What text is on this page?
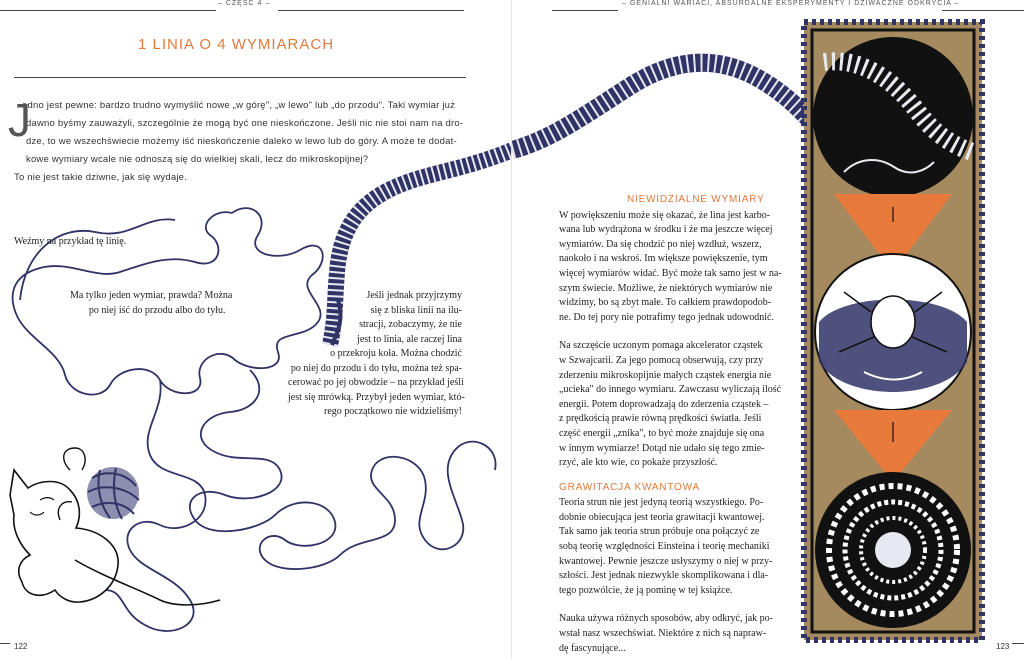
– CZĘŚĆ 4 –
1 LINIA O 4 WYMIARACH
J
edno jest pewne: bardzo trudno wymyślić nowe „w górę", „w lewo" lub „do przodu". Taki wymiar już
dawno byśmy zauważyli, szczególnie że mogą być one nieskończone. Jeśli nic nie stoi nam na dro-
dze, to we wszechświecie możemy iść nieskończenie daleko w lewo lub do góry. A może te dodat-
kowe wymiary wcale nie odnoszą się do wielkiej skali, lecz do mikroskopijnej?
To nie jest takie dziwne, jak się wydaje.
Weźmy na przykład tę linię.
Ma tylko jeden wymiar, prawda? Można
po niej iść do przodu albo do tyłu.
Jeśli jednak przyjrzymy
się z bliska linii na ilu-
stracji, zobaczymy, że nie
jest to linia, ale raczej lina
o przekroju koła. Można chodzić
po niej do przodu i do tyłu, można też spa-
cerować po jej obwodzie – na przykład jeśli
jest się mrówką. Przybył jeden wymiar, któ-
rego początkowo nie widzieliśmy!
122
– GENIALNI WARIACI, ABSURDALNE EKSPERYMENTY I DZIWACZNE ODKRYCIA –
NIEWIDZIALNE WYMIARY
W powiększeniu może się okazać, że lina jest karbo-
wana lub wydrążona w środku i że ma jeszcze więcej
wymiarów. Da się chodzić po niej wzdłuż, wszerz,
naokoło i na wskroś. Im większe powiększenie, tym
więcej wymiarów widać. Być może tak samo jest w na-
szym świecie. Możliwe, że niektórych wymiarów nie
widzimy, bo są zbyt małe. To całkiem prawdopodob-
ne. Do tej pory nie potrafimy tego jednak udowodnić.
Na szczęście uczonym pomaga akcelerator cząstek
w Szwajcarii. Za jego pomocą obserwują, czy przy
zderzeniu mikroskopijnie małych cząstek energia nie
„ucieka" do innego wymiaru. Zawczasu wyliczają ilość
energii. Potem doprowadzają do zderzenia cząstek –
z prędkością prawie równą prędkości światła. Jeśli
część energii „znika", to być może znajduje się ona
w innym wymiarze! Dotąd nie udało się tego zmie-
rzyć, ale kto wie, co pokaże przyszłość.
GRAWITACJA KWANTOWA
Teoria strun nie jest jedyną teorią wszystkiego. Po-
dobnie obiecująca jest teoria grawitacji kwantowej.
Tak samo jak teoria strun próbuje ona połączyć ze
sobą teorię względności Einsteina i teorię mechaniki
kwantowej. Pewnie jeszcze usłyszymy o niej w przy-
szłości. Jest jednak niezwykle skomplikowana i dla-
tego pozwólcie, że ją pominę w tej książce.
Nauka używa różnych sposobów, aby odkryć, jak po-
wstał nasz wszechświat. Niektóre z nich są napraw-
dę fascynujące...	123
